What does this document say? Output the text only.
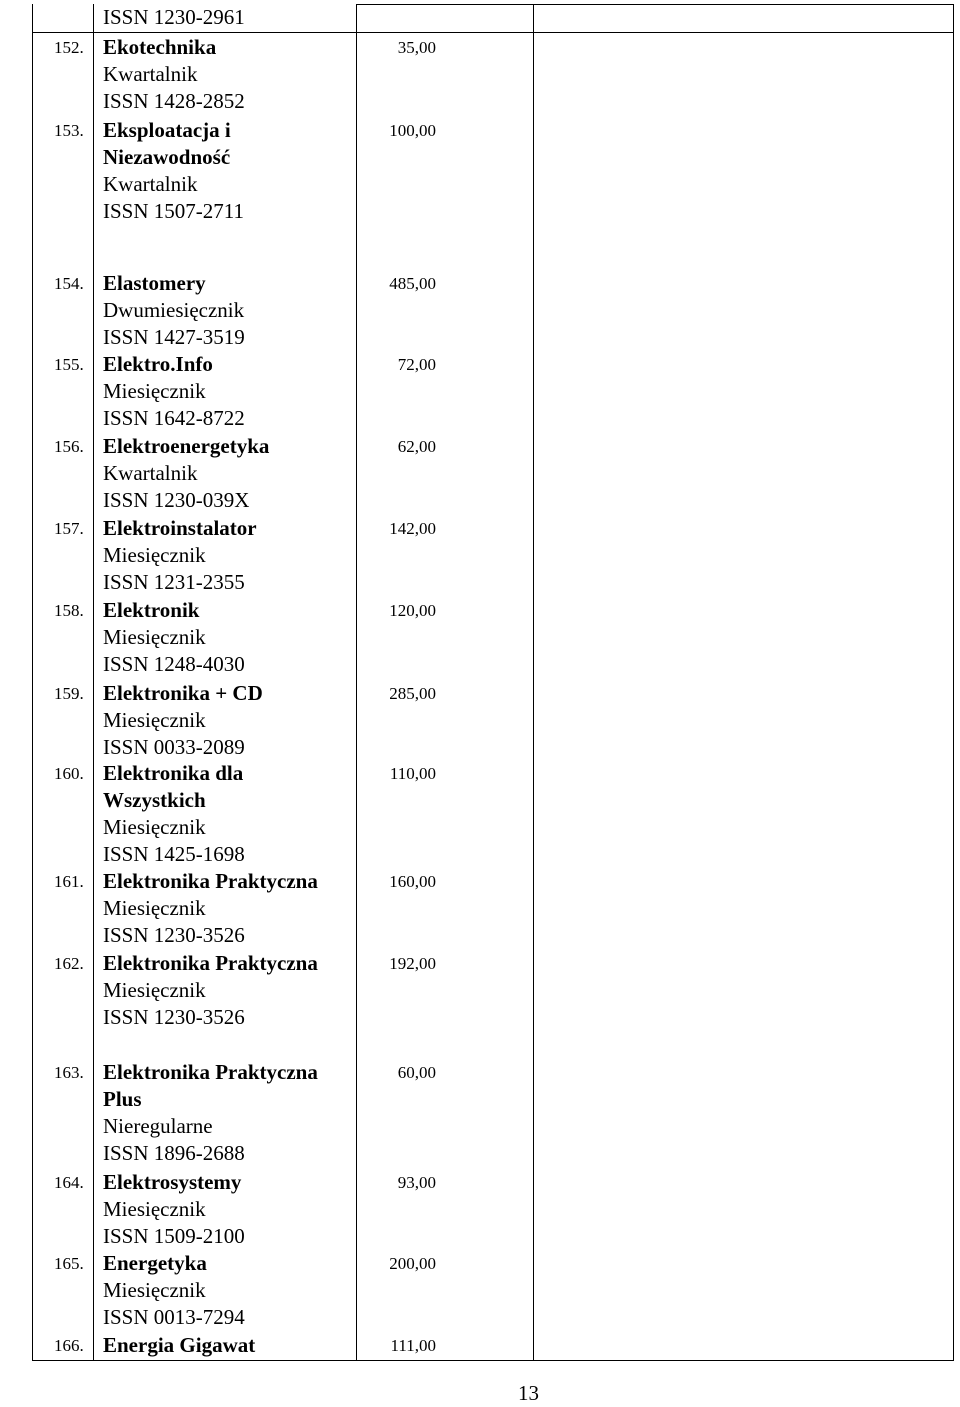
ISSN 1230-2961
152. Ekotechnika
Kwartalnik
ISSN 1428-2852
35,00
153. Eksploatacja i
Niezawodność
Kwartalnik
ISSN 1507-2711
100,00
154. Elastomery
Dwumiesięcznik
ISSN 1427-3519
485,00
155. Elektro.Info
Miesięcznik
ISSN 1642-8722
72,00
156. Elektroenergetyka
Kwartalnik
ISSN 1230-039X
62,00
157. Elektroinstalator
Miesięcznik
ISSN 1231-2355
142,00
158. Elektronik
Miesięcznik
ISSN 1248-4030
120,00
159. Elektronika + CD
Miesięcznik
ISSN 0033-2089
285,00
160. Elektronika dla
Wszystkich
Miesięcznik
ISSN 1425-1698
110,00
161. Elektronika Praktyczna
Miesięcznik
ISSN 1230-3526
160,00
162. Elektronika Praktyczna
Miesięcznik
ISSN 1230-3526
192,00
163. Elektronika Praktyczna
Plus
Nieregularne
ISSN 1896-2688
60,00
164. Elektrosystemy
Miesięcznik
ISSN 1509-2100
93,00
165. Energetyka
Miesięcznik
ISSN 0013-7294
200,00
166. Energia Gigawat	111,00
13
